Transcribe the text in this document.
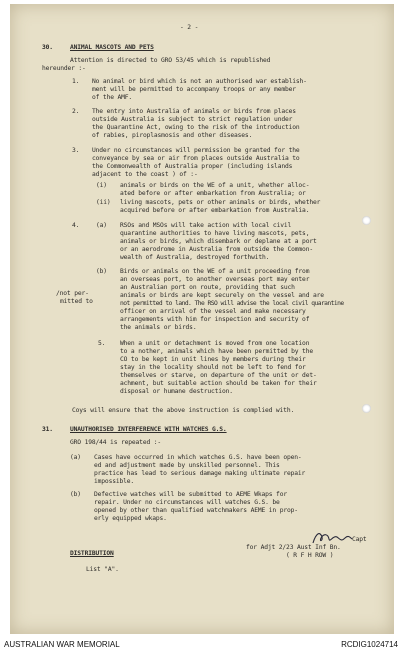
- 2 -
30.	ANIMAL MASCOTS AND PETS
Attention is directed to GRO 53/45 which is republished
hereunder :-
1. No animal or bird which is not an authorised war establish-
ment will be permitted to accompany troops or any member
of the AMF.
2. The entry into Australia of animals or birds from places
outside Australia is subject to strict regulation under
the Quarantine Act, owing to the risk of the introduction
of rabies, piroplasmosis and other diseases.
3. Under no circumstances will permission be granted for the
conveyance by sea or air from places outside Australia to
the Commonwealth of Australia proper (including islands
adjacent to the coast ) of :-
(i) animals or birds on the WE of a unit, whether alloc-
ated before or after embarkation from Australia; or
(ii) living mascots, pets or other animals or birds, whether
acquired before or after embarkation from Australia.
4.	(a) RSOs and MSOs will take action with local civil
quarantine authorities to have living mascots, pets,
animals or birds, which disembark or deplane at a port
or an aerodrome in Australia from outside the Common-
wealth of Australia, destroyed forthwith.
(b) Birds or animals on the WE of a unit proceeding from
an overseas port, to another overseas port may enter
an Australian port on route, providing that such
animals or birds are kept securely on the vessel and are
not permitted to land. The RSO will advise the local civil quarantine
officer on arrival of the vessel and make necessary
arrangements with him for inspection and security of
the animals or birds.
/not per-
mitted to
5. When a unit or detachment is moved from one location
to a nother, animals which have been permitted by the
CO to be kept in unit lines by members during their
stay in the locality should not be left to fend for
themselves or starve, on departure of the unit or det-
achment, but suitable action should be taken for their
disposal or humane destruction.
Coys will ensure that the above instruction is complied with.
31.	UNAUTHORISED INTERFERENCE WITH WATCHES G.S.
GRO 198/44 is repeated :-
(a) Cases have occurred in which watches G.S. have been open-
ed and adjustment made by unskilled personnel. This
practice has lead to serious damage making ultimate repair
impossible.
(b) Defective watches will be submitted to AEME Wkaps for
repair. Under no circumstances will watches G.S. be
opened by other than qualified watchmakers AEME in prop-
erly equipped wkaps.
Capt
for Adjt 2/23 Aust Inf Bn.
( R F H ROW )
DISTRIBUTION
List "A".
AUSTRALIAN WAR MEMORIAL	RCDIG1024714
